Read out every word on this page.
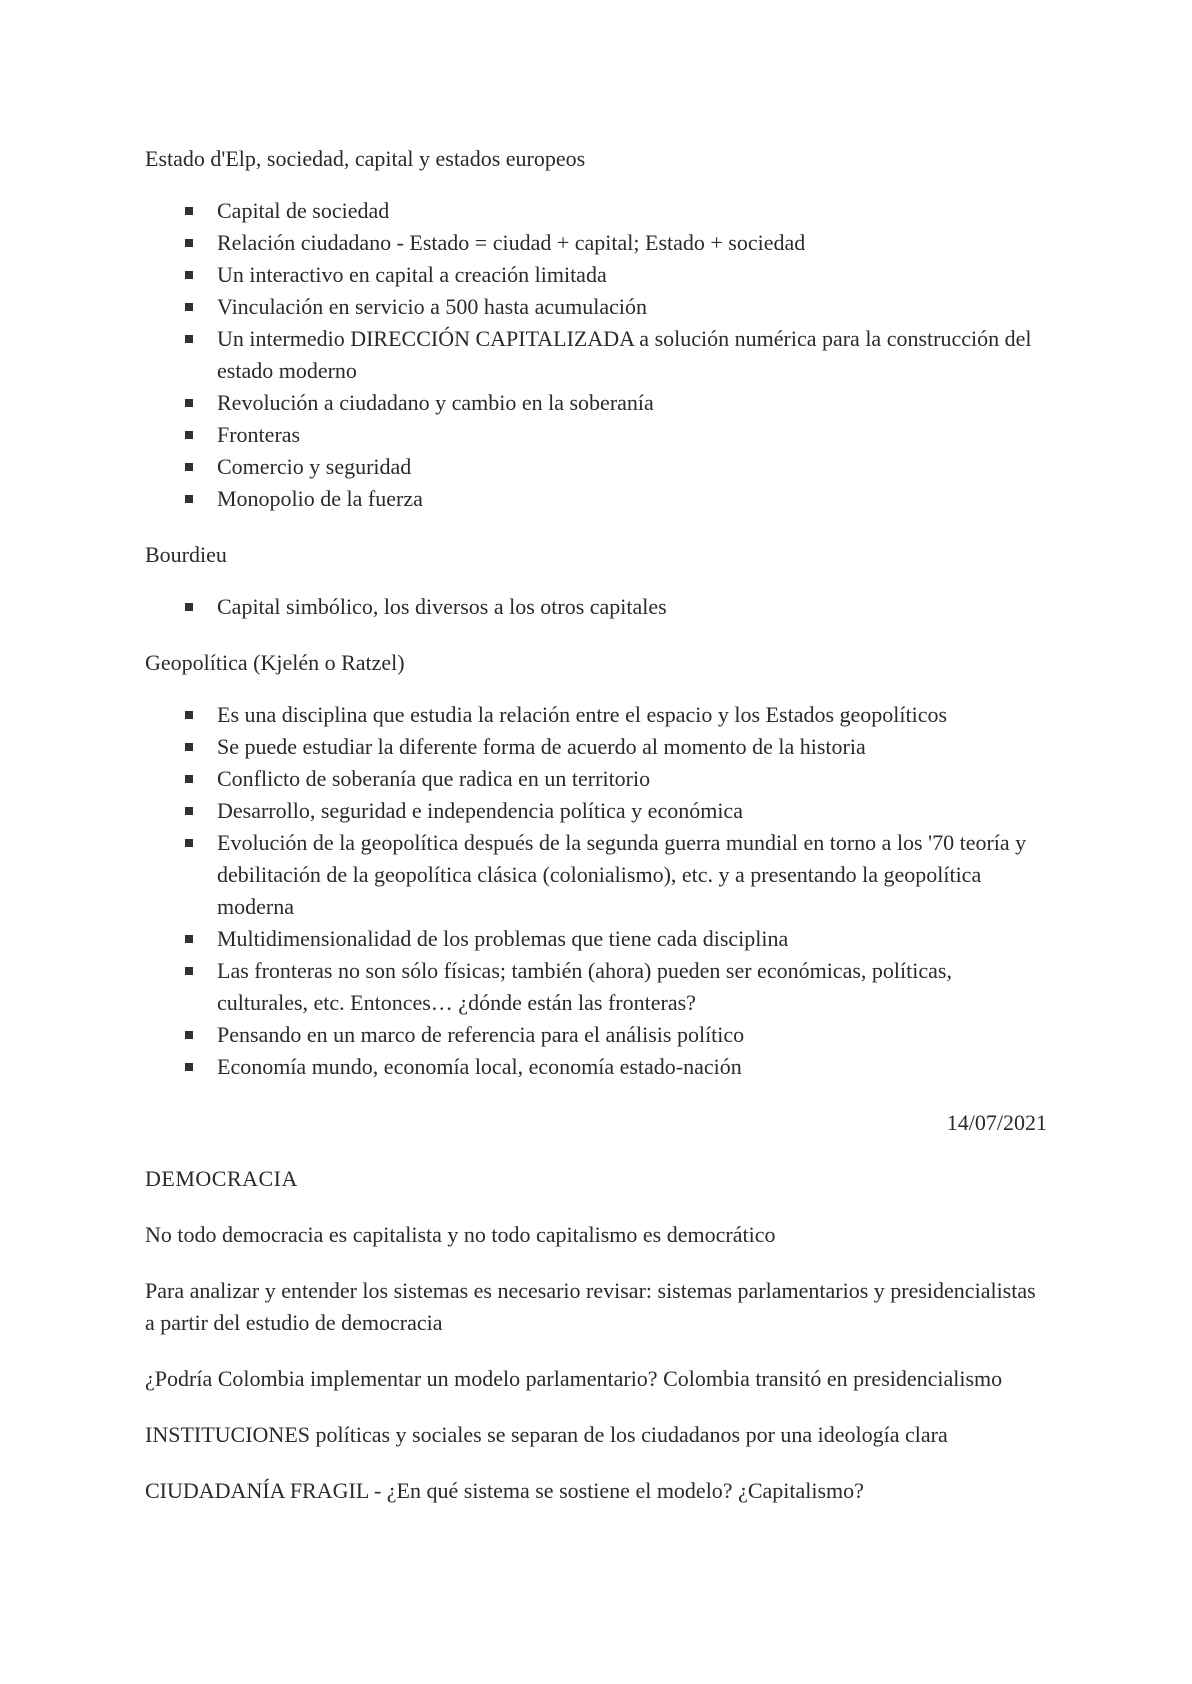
Estado d'Elp, sociedad, capital y estados europeos

Capital de sociedad
Relación ciudadano - Estado = ciudad + capital; Estado + sociedad
Un interactivo en capital a creación limitada
Vinculación en servicio a 500 hasta acumulación
Un intermedio DIRECCIÓN CAPITALIZADA a solución numérica para la construcción del estado moderno
Revolución a ciudadano y cambio en la soberanía
Fronteras
Comercio y seguridad
Monopolio de la fuerza

Bourdieu

Capital simbólico, los diversos a los otros capitales

Geopolítica (Kjelén o Ratzel)

Es una disciplina que estudia la relación entre el espacio y los Estados geopolíticos
Se puede estudiar la diferente forma de acuerdo al momento de la historia
Conflicto de soberanía que radica en un territorio
Desarrollo, seguridad e independencia política y económica
Evolución de la geopolítica después de la segunda guerra mundial en torno a los '70 teoría y debilitación de la geopolítica clásica (colonialismo), etc. y a presentando la geopolítica moderna
Multidimensionalidad de los problemas que tiene cada disciplina
Las fronteras no son sólo físicas; también (ahora) pueden ser económicas, políticas, culturales, etc. Entonces… ¿dónde están las fronteras?
Pensando en un marco de referencia para el análisis político
Economía mundo, economía local, economía estado-nación

14/07/2021

DEMOCRACIA

No todo democracia es capitalista y no todo capitalismo es democrático

Para analizar y entender los sistemas es necesario revisar: sistemas parlamentarios y presidencialistas a partir del estudio de democracia

¿Podría Colombia implementar un modelo parlamentario? Colombia transitó en presidencialismo

INSTITUCIONES políticas y sociales se separan de los ciudadanos por una ideología clara

CIUDADANÍA FRAGIL - ¿En qué sistema se sostiene el modelo? ¿Capitalismo?
